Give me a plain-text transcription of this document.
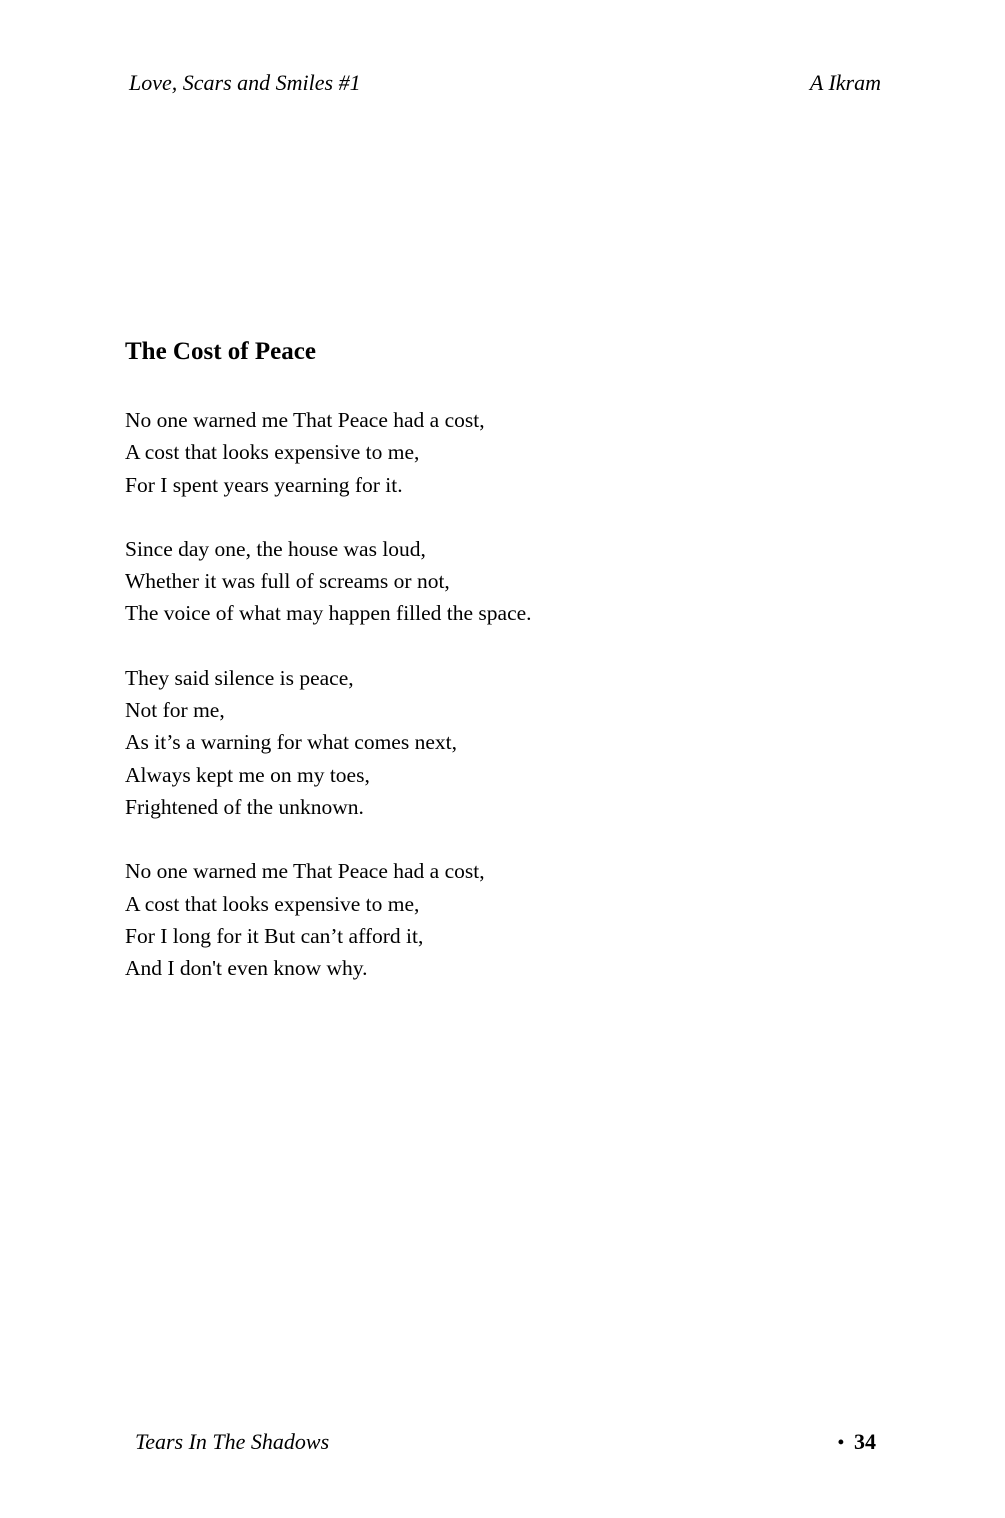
Love, Scars and Smiles #1	A Ikram
The Cost of Peace
No one warned me That Peace had a cost,
A cost that looks expensive to me,
For I spent years yearning for it.
Since day one, the house was loud,
Whether it was full of screams or not,
The voice of what may happen filled the space.
They said silence is peace,
Not for me,
As it’s a warning for what comes next,
Always kept me on my toes,
Frightened of the unknown.
No one warned me That Peace had a cost,
A cost that looks expensive to me,
For I long for it But can’t afford it,
And I don't even know why.
Tears In The Shadows	• 34
